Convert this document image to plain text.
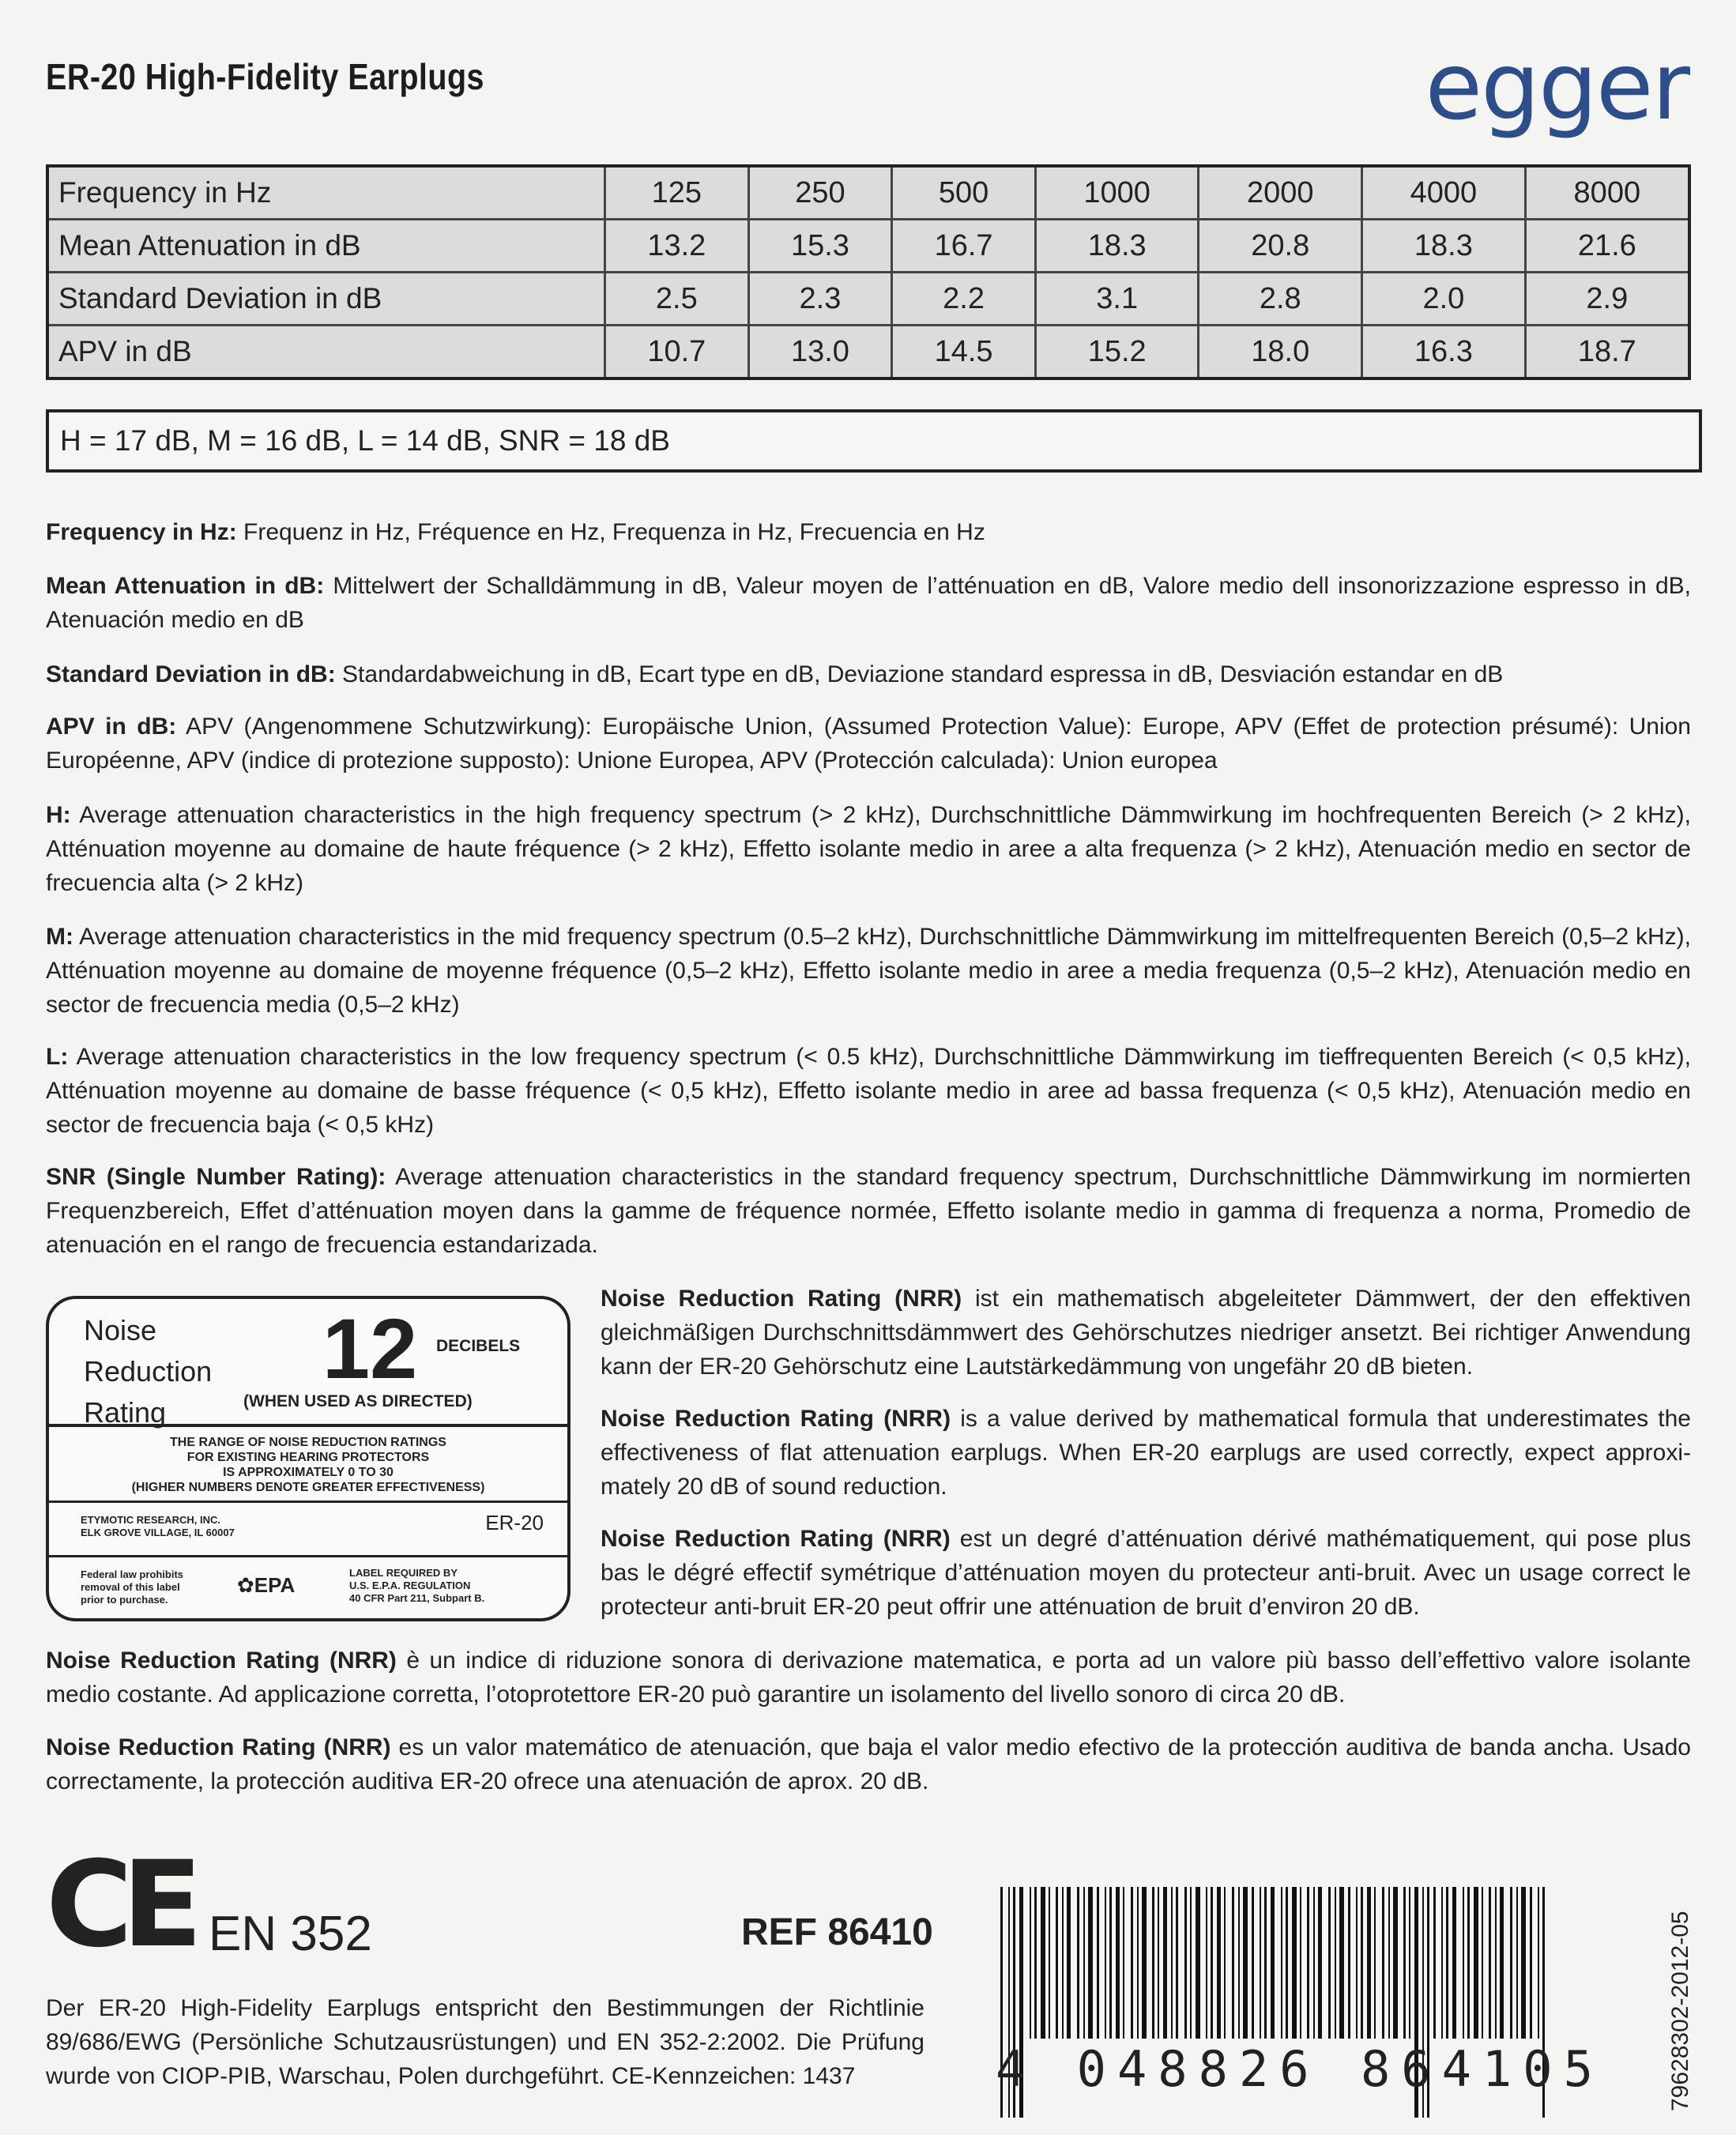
ER-20 High-Fidelity Earplugs	egger
Frequency in Hz	125	250	500	1000	2000	4000	8000
Mean Attenuation in dB	13.2	15.3	16.7	18.3	20.8	18.3	21.6
Standard Deviation in dB	2.5	2.3	2.2	3.1	2.8	2.0	2.9
APV in dB	10.7	13.0	14.5	15.2	18.0	16.3	18.7
H = 17 dB, M = 16 dB, L = 14 dB, SNR = 18 dB
Frequency in Hz: Frequenz in Hz, Fréquence en Hz, Frequenza in Hz, Frecuencia en Hz
Mean Attenuation in dB: Mittelwert der Schalldämmung in dB, Valeur moyen de l’atténuation en dB, Valore medio dell insonorizzazione espresso in dB, Atenuación medio en dB
Standard Deviation in dB: Standardabweichung in dB, Ecart type en dB, Deviazione standard espressa in dB, Desviación estandar en dB
APV in dB: APV (Angenommene Schutzwirkung): Europäische Union, (Assumed Protection Value): Europe, APV (Effet de protection présumé): Union Européenne, APV (indice di protezione supposto): Unione Europea, APV (Protección calculada): Union europea
H: Average attenuation characteristics in the high frequency spectrum (> 2 kHz), Durchschnittliche Dämmwirkung im hochfrequenten Bereich (> 2 kHz), Atténuation moyenne au domaine de haute fréquence (> 2 kHz), Effetto isolante medio in aree a alta frequenza (> 2 kHz), Atenuación medio en sector de frecuencia alta (> 2 kHz)
M: Average attenuation characteristics in the mid frequency spectrum (0.5–2 kHz), Durchschnittliche Dämmwirkung im mittelfrequenten Bereich (0,5–2 kHz), Atténuation moyenne au domaine de moyenne fréquence (0,5–2 kHz), Effetto isolante medio in aree a media frequenza (0,5–2 kHz), Atenuación medio en sector de frecuencia media (0,5–2 kHz)
L: Average attenuation characteristics in the low frequency spectrum (< 0.5 kHz), Durchschnittliche Dämmwirkung im tieffrequenten Bereich (< 0,5 kHz), Atténuation moyenne au domaine de basse fréquence (< 0,5 kHz), Effetto isolante medio in aree ad bassa frequenza (< 0,5 kHz), Atenuación medio en sector de frecuencia baja (< 0,5 kHz)
SNR (Single Number Rating): Average attenuation characteristics in the standard frequency spectrum, Durchschnittliche Dämmwirkung im normierten Frequenzbereich, Effet d’atténuation moyen dans la gamme de fréquence normée, Effetto isolante medio in gamma di frequenza a norma, Promedio de atenuación en el rango de frecuencia estandarizada.
Noise
Reduction
Rating
12 DECIBELS
(WHEN USED AS DIRECTED)
THE RANGE OF NOISE REDUCTION RATINGS
FOR EXISTING HEARING PROTECTORS
IS APPROXIMATELY 0 TO 30
(HIGHER NUMBERS DENOTE GREATER EFFECTIVENESS)
ETYMOTIC RESEARCH, INC.
ELK GROVE VILLAGE, IL 60007	ER-20
Federal law prohibits
removal of this label
prior to purchase.
✿EPA
LABEL REQUIRED BY
U.S. E.P.A. REGULATION
40 CFR Part 211, Subpart B.
Noise Reduction Rating (NRR) ist ein mathematisch abgeleiteter Dämmwert, der den effektiven gleichmäßigen Durchschnittsdämmwert des Gehörschutzes niedriger ansetzt. Bei richtiger Anwendung kann der ER-20 Gehörschutz eine Lautstärkedämmung von ungefähr 20 dB bieten.
Noise Reduction Rating (NRR) is a value derived by mathematical formula that underestimates the effectiveness of flat attenuation earplugs. When ER-20 earplugs are used correctly, expect approximately 20 dB of sound reduction.
Noise Reduction Rating (NRR) est un degré d’atténuation dérivé mathématiquement, qui pose plus bas le dégré effectif symétrique d’atténuation moyen du protecteur anti-bruit. Avec un usage correct le protecteur anti-bruit ER-20 peut offrir une atténuation de bruit d’environ 20 dB.
Noise Reduction Rating (NRR) è un indice di riduzione sonora di derivazione matematica, e porta ad un valore più basso dell’effettivo valore isolante medio costante. Ad applicazione corretta, l’otoprotettore ER-20 può garantire un isolamento del livello sonoro di circa 20 dB.
Noise Reduction Rating (NRR) es un valor matemático de atenuación, que baja el valor medio efectivo de la protección auditiva de banda ancha. Usado correctamente, la protección auditiva ER-20 ofrece una atenuación de aprox. 20 dB.
CE EN 352	REF 86410
Der ER-20 High-Fidelity Earplugs entspricht den Bestimmungen der Richtlinie 89/686/EWG (Persönliche Schutzausrüstungen) und EN 352-2:2002. Die Prüfung wurde von CIOP-PIB, Warschau, Polen durchgeführt. CE-Kennzeichen: 1437	4 048826 864105	79628302-2012-05
